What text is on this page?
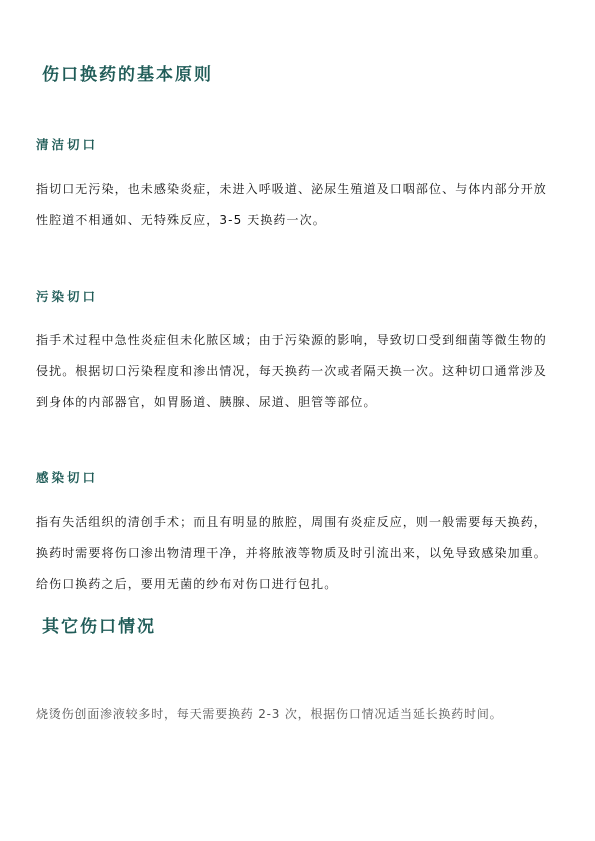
伤口换药的基本原则
清洁切口
指切口无污染，也未感染炎症，未进入呼吸道、泌尿生殖道及口咽部位、与体内部分开放性腔道不相通如、无特殊反应，3-5 天换药一次。
污染切口
指手术过程中急性炎症但未化脓区域；由于污染源的影响，导致切口受到细菌等微生物的侵扰。根据切口污染程度和渗出情况，每天换药一次或者隔天换一次。这种切口通常涉及到身体的内部器官，如胃肠道、胰腺、尿道、胆管等部位。
感染切口
指有失活组织的清创手术；而且有明显的脓腔，周围有炎症反应，则一般需要每天换药，换药时需要将伤口渗出物清理干净，并将脓液等物质及时引流出来，以免导致感染加重。给伤口换药之后，要用无菌的纱布对伤口进行包扎。
其它伤口情况
烧烫伤创面渗液较多时，每天需要换药 2-3 次，根据伤口情况适当延长换药时间。
